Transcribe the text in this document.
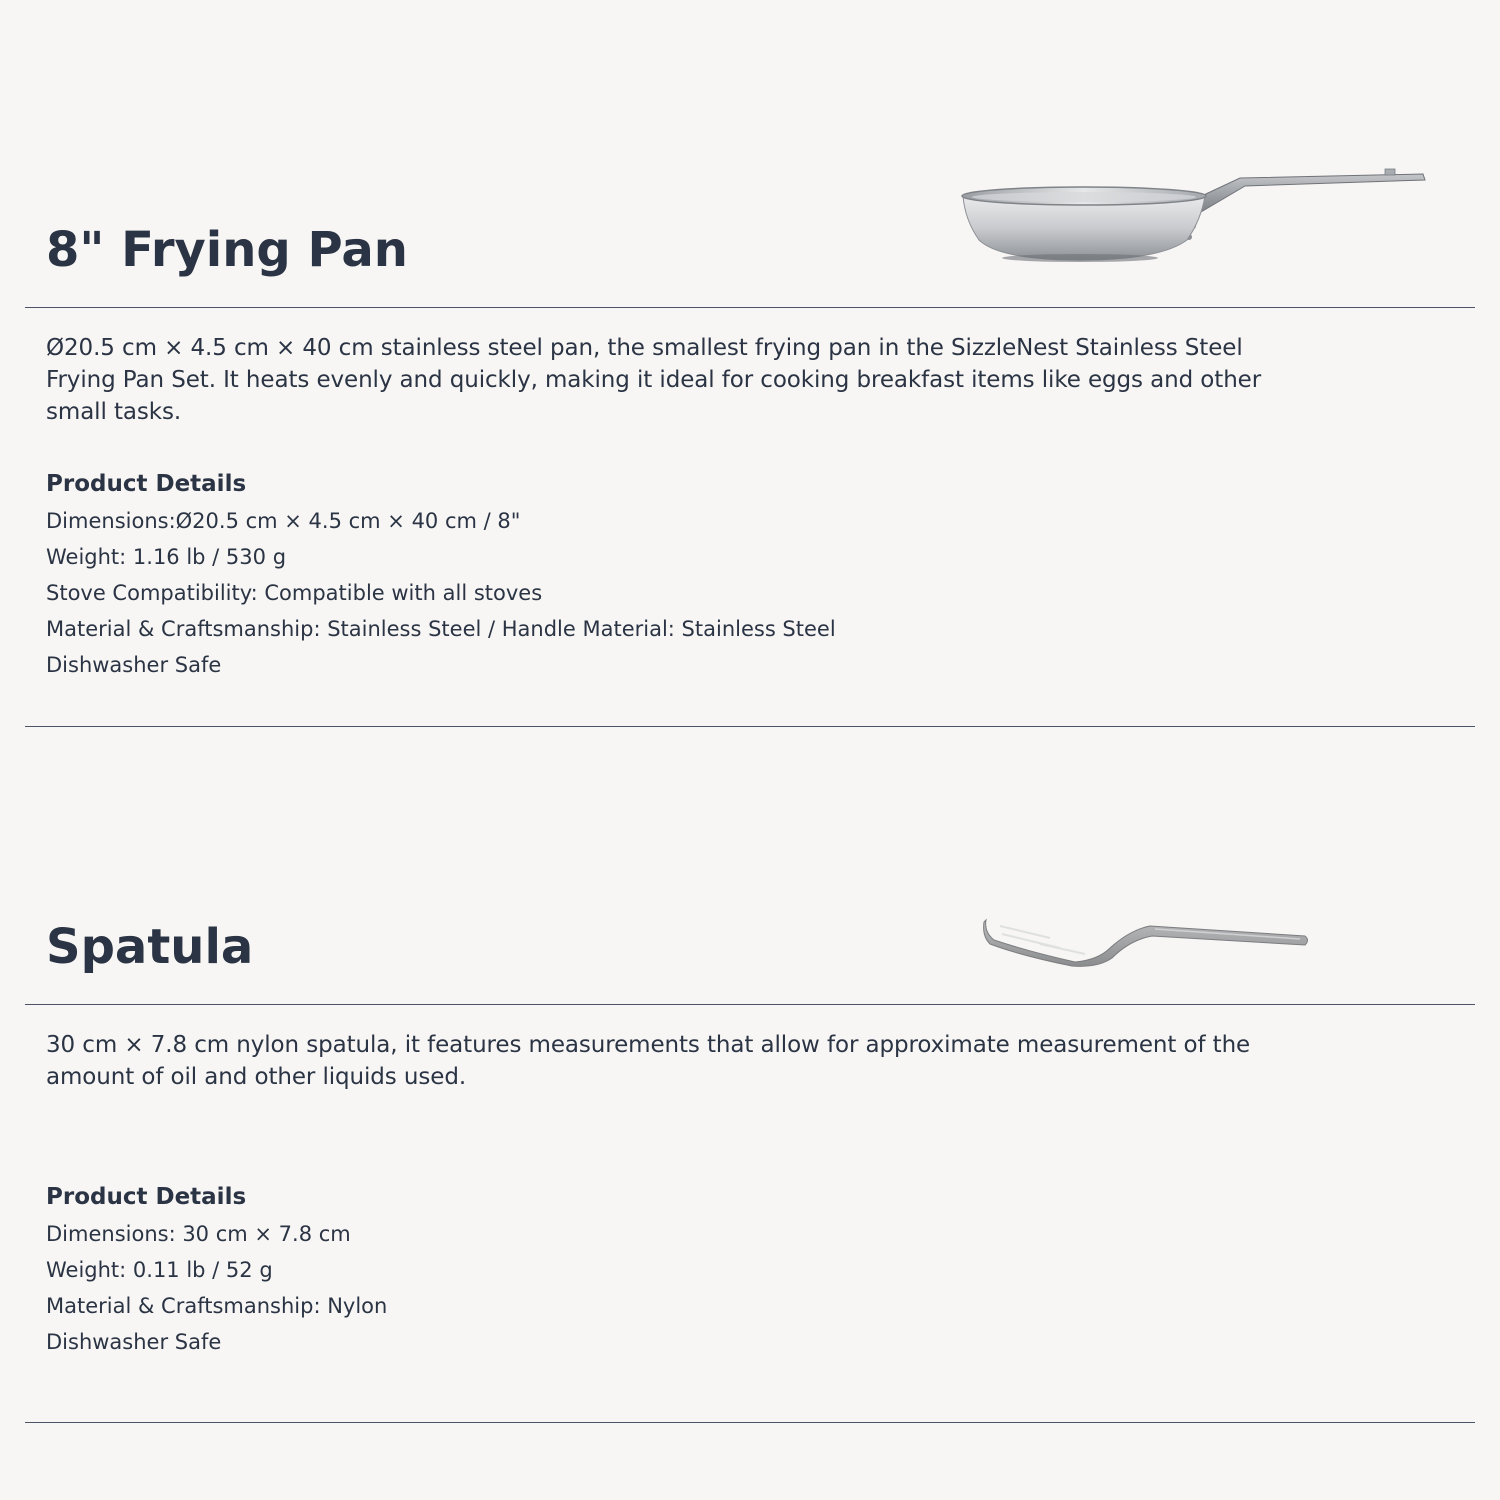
8" Frying Pan

Ø20.5 cm × 4.5 cm × 40 cm stainless steel pan, the smallest frying pan in the SizzleNest Stainless Steel Frying Pan Set. It heats evenly and quickly, making it ideal for cooking breakfast items like eggs and other small tasks.

Product Details

Dimensions:Ø20.5 cm × 4.5 cm × 40 cm / 8"

Weight: 1.16 lb / 530 g

Stove Compatibility: Compatible with all stoves

Material & Craftsmanship: Stainless Steel / Handle Material: Stainless Steel

Dishwasher Safe

Spatula

30 cm × 7.8 cm nylon spatula, it features measurements that allow for approximate measurement of the amount of oil and other liquids used.

Product Details

Dimensions: 30 cm × 7.8 cm

Weight: 0.11 lb / 52 g

Material & Craftsmanship: Nylon

Dishwasher Safe
